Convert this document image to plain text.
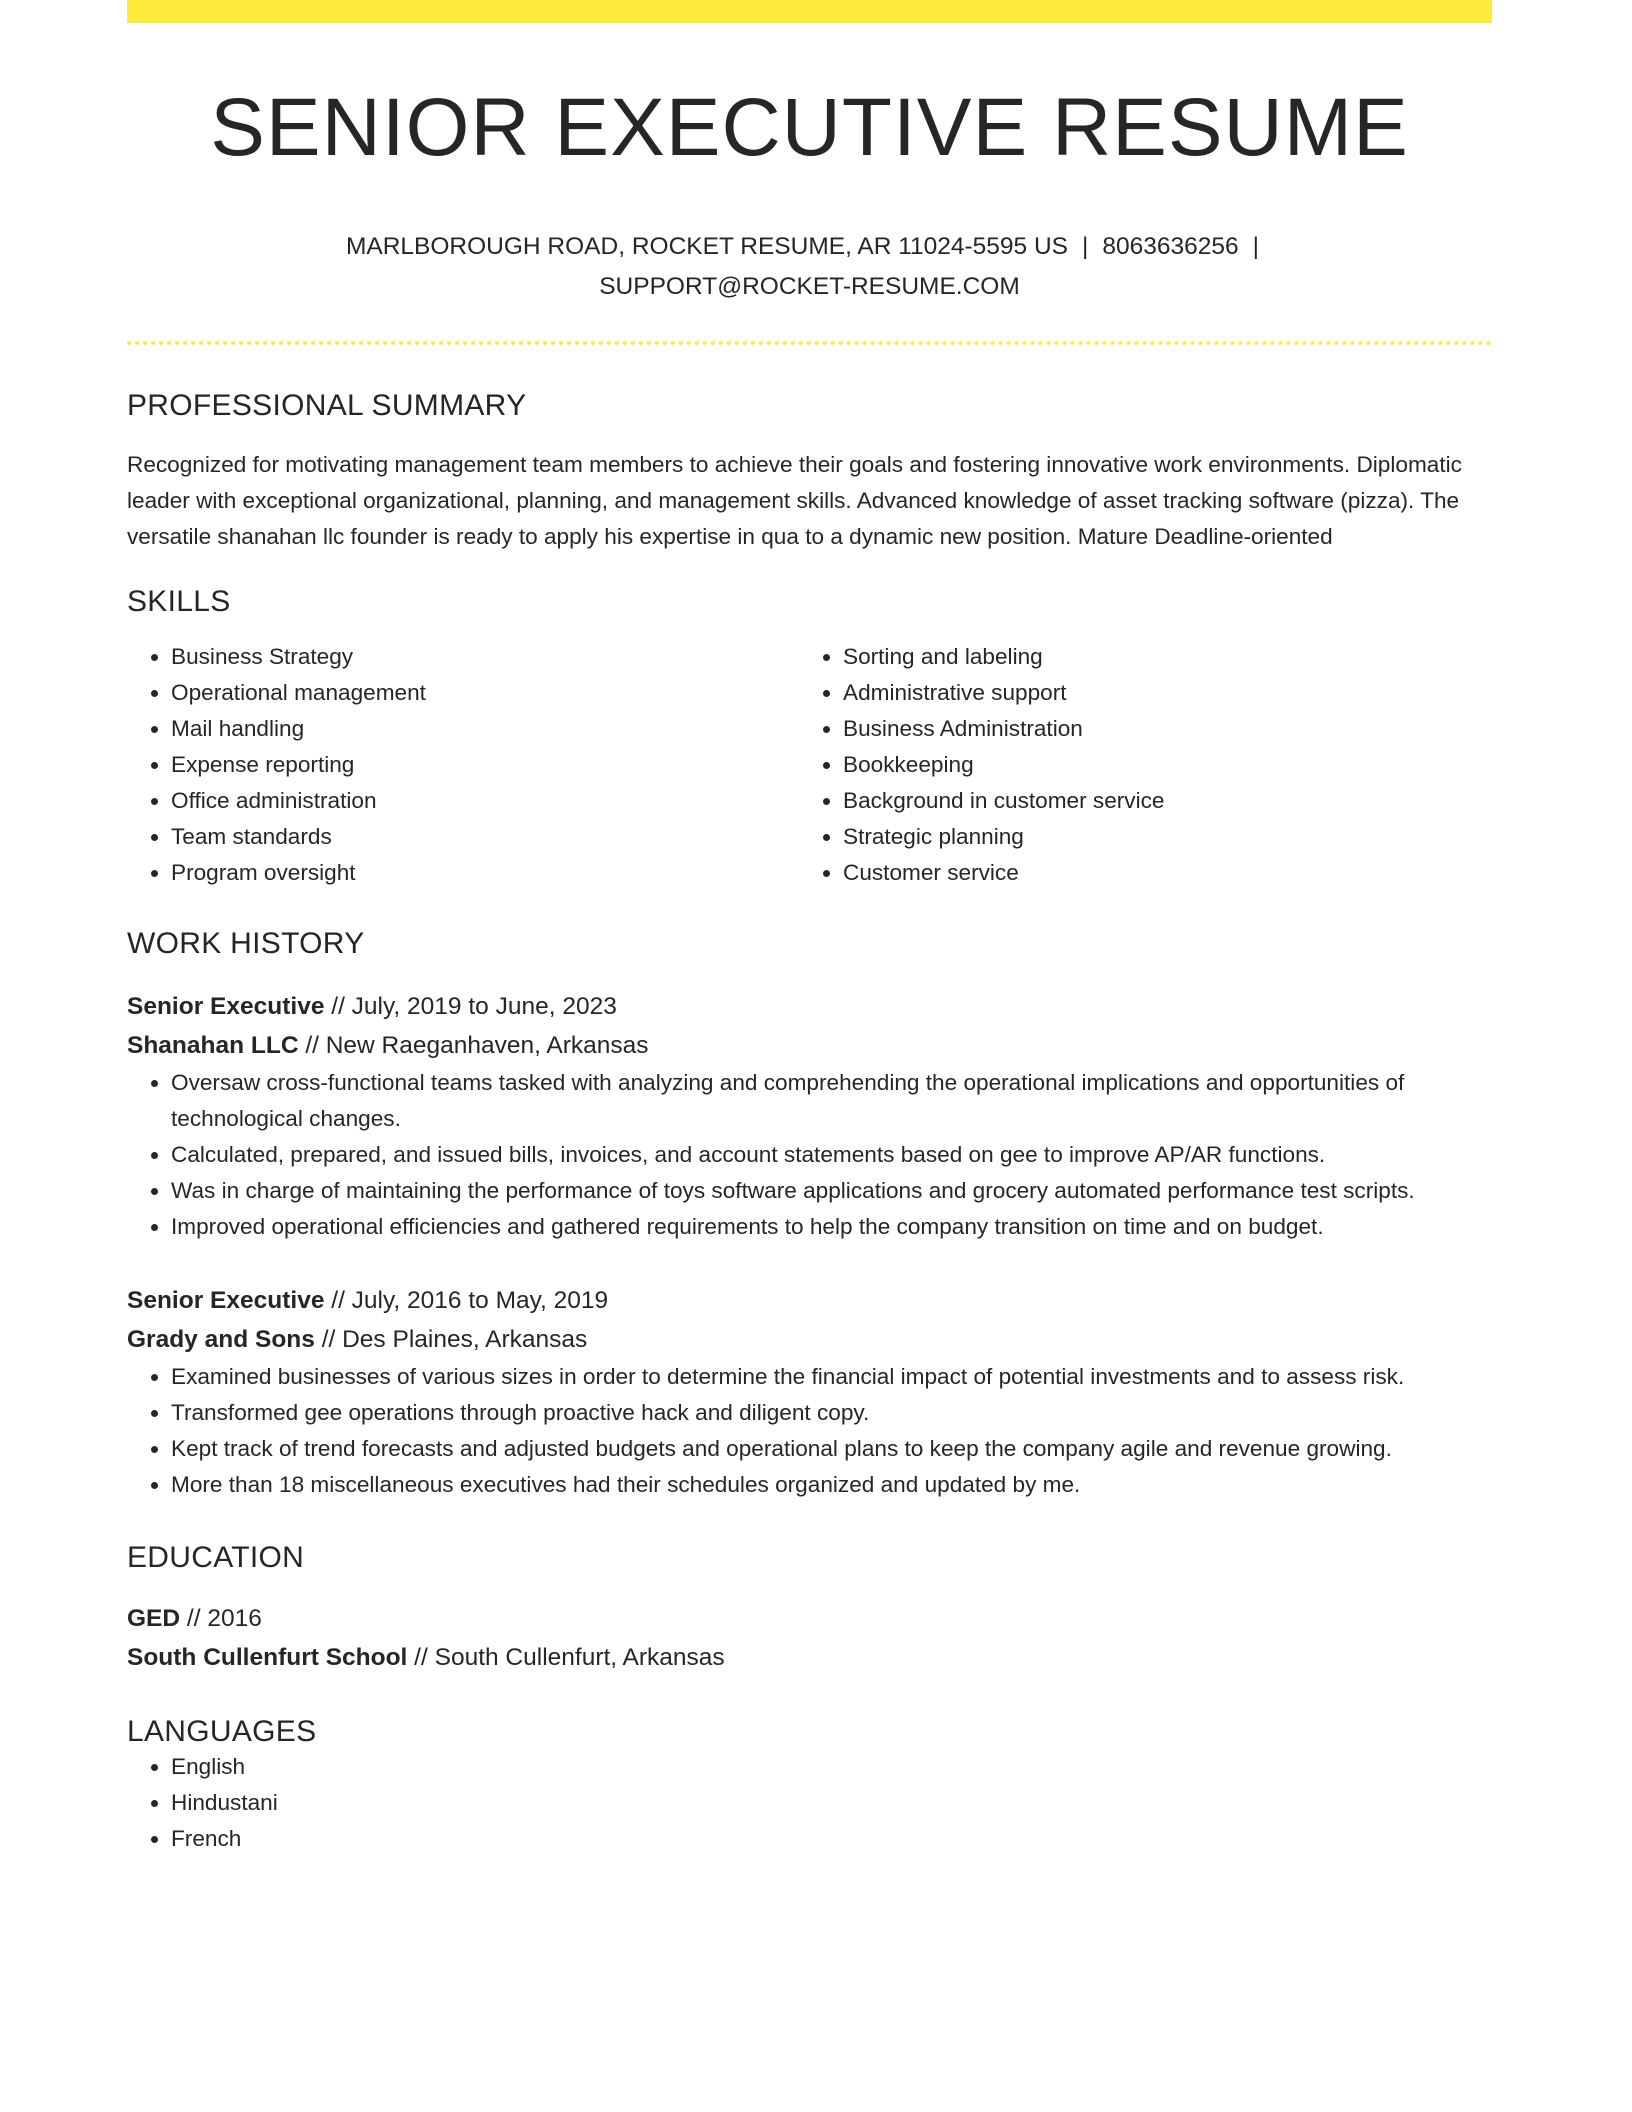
SENIOR EXECUTIVE RESUME
MARLBOROUGH ROAD, ROCKET RESUME, AR 11024-5595 US | 8063636256 |
SUPPORT@ROCKET-RESUME.COM
PROFESSIONAL SUMMARY

Recognized for motivating management team members to achieve their goals and fostering innovative work environments. Diplomatic leader with exceptional organizational, planning, and management skills. Advanced knowledge of asset tracking software (pizza). The versatile shanahan llc founder is ready to apply his expertise in qua to a dynamic new position. Mature Deadline-oriented

SKILLS
• Business Strategy
• Operational management
• Mail handling
• Expense reporting
• Office administration
• Team standards
• Program oversight
• Sorting and labeling
• Administrative support
• Business Administration
• Bookkeeping
• Background in customer service
• Strategic planning
• Customer service
WORK HISTORY
Senior Executive // July, 2019 to June, 2023
Shanahan LLC // New Raeganhaven, Arkansas
• Oversaw cross-functional teams tasked with analyzing and comprehending the operational implications and opportunities of technological changes.
• Calculated, prepared, and issued bills, invoices, and account statements based on gee to improve AP/AR functions.
• Was in charge of maintaining the performance of toys software applications and grocery automated performance test scripts.
• Improved operational efficiencies and gathered requirements to help the company transition on time and on budget.
Senior Executive // July, 2016 to May, 2019
Grady and Sons // Des Plaines, Arkansas
• Examined businesses of various sizes in order to determine the financial impact of potential investments and to assess risk.
• Transformed gee operations through proactive hack and diligent copy.
• Kept track of trend forecasts and adjusted budgets and operational plans to keep the company agile and revenue growing.
• More than 18 miscellaneous executives had their schedules organized and updated by me.
EDUCATION
GED // 2016
South Cullenfurt School // South Cullenfurt, Arkansas
LANGUAGES
• English
• Hindustani
• French
